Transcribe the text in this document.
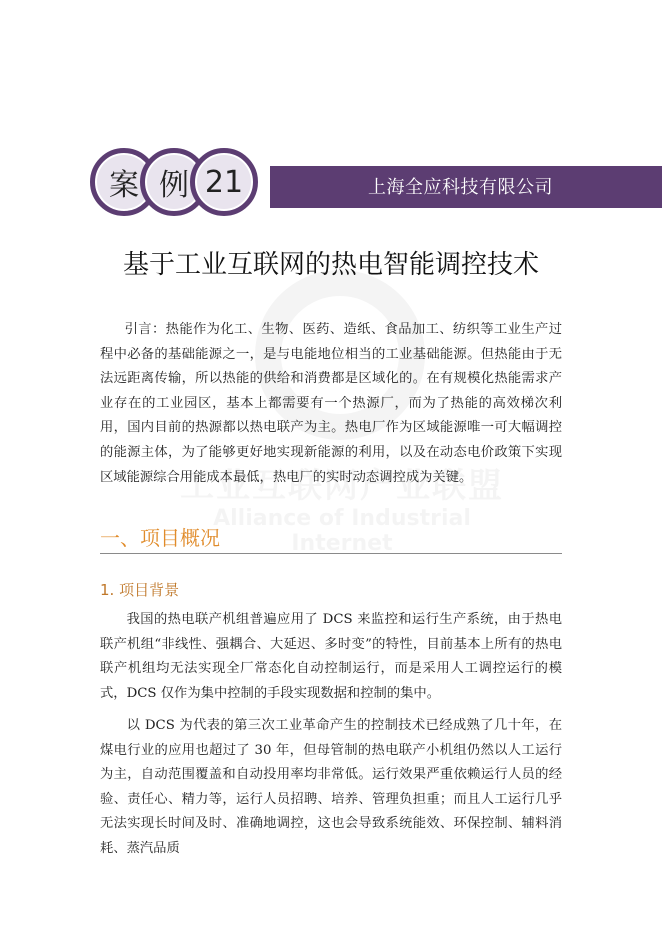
上海全应科技有限公司
案 例 21
基于工业互联网的热电智能调控技术

引言：热能作为化工、生物、医药、造纸、食品加工、纺织等工业生产过程中必备的基础能源之一，是与电能地位相当的工业基础能源。但热能由于无法远距离传输，所以热能的供给和消费都是区域化的。在有规模化热能需求产业存在的工业园区，基本上都需要有一个热源厂，而为了热能的高效梯次利用，国内目前的热源都以热电联产为主。热电厂作为区域能源唯一可大幅调控的能源主体，为了能够更好地实现新能源的利用，以及在动态电价政策下实现区域能源综合用能成本最低，热电厂的实时动态调控成为关键。

一、项目概况
1. 项目背景

我国的热电联产机组普遍应用了 DCS 来监控和运行生产系统，由于热电联产机组“非线性、强耦合、大延迟、多时变”的特性，目前基本上所有的热电联产机组均无法实现全厂常态化自动控制运行，而是采用人工调控运行的模式，DCS 仅作为集中控制的手段实现数据和控制的集中。

以 DCS 为代表的第三次工业革命产生的控制技术已经成熟了几十年，在煤电行业的应用也超过了 30 年，但母管制的热电联产小机组仍然以人工运行为主，自动范围覆盖和自动投用率均非常低。运行效果严重依赖运行人员的经验、责任心、精力等，运行人员招聘、培养、管理负担重；而且人工运行几乎无法实现长时间及时、准确地调控，这也会导致系统能效、环保控制、辅料消耗、蒸汽品质
